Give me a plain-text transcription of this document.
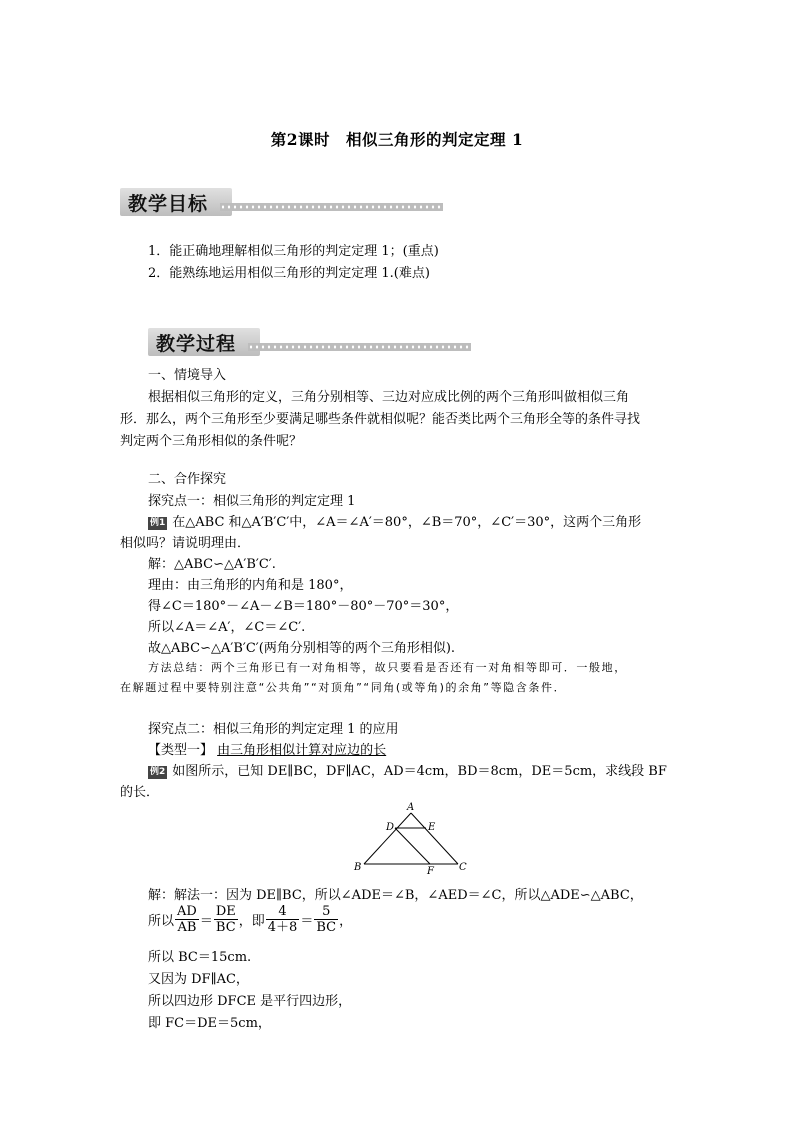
第2课时　相似三角形的判定定理 1
教学目标
1．能正确地理解相似三角形的判定定理 1；(重点)
2．能熟练地运用相似三角形的判定定理 1.(难点)
教学过程
一、情境导入
根据相似三角形的定义，三角分别相等、三边对应成比例的两个三角形叫做相似三角
形．那么，两个三角形至少要满足哪些条件就相似呢？能否类比两个三角形全等的条件寻找
判定两个三角形相似的条件呢？
二、合作探究
探究点一：相似三角形的判定定理 1
例1 在△ABC 和△A′B′C′中，∠A＝∠A′＝80°，∠B＝70°，∠C′＝30°，这两个三角形
相似吗？请说明理由．
解：△ABC∽△A′B′C′.
理由：由三角形的内角和是 180°，
得∠C＝180°－∠A－∠B＝180°－80°－70°＝30°，
所以∠A＝∠A′，∠C＝∠C′.
故△ABC∽△A′B′C′(两角分别相等的两个三角形相似).
方法总结：两个三角形已有一对角相等，故只要看是否还有一对角相等即可．一般地，
在解题过程中要特别注意“公共角”“对顶角”“同角(或等角)的余角”等隐含条件．
探究点二：相似三角形的判定定理 1 的应用
【类型一】 由三角形相似计算对应边的长
例2 如图所示，已知 DE∥BC，DF∥AC，AD＝4cm，BD＝8cm，DE＝5cm，求线段 BF
的长．
A
D	E
B	F	C
解：解法一：因为 DE∥BC，所以∠ADE＝∠B，∠AED＝∠C，所以△ADE∽△ABC，
所以 $\frac{AD}{AB} = \frac{DE}{BC}$ ，即 $\frac{4}{4+8} = \frac{5}{BC}$ ，
所以 BC＝15cm.
又因为 DF∥AC，
所以四边形 DFCE 是平行四边形，
即 FC＝DE＝5cm，
